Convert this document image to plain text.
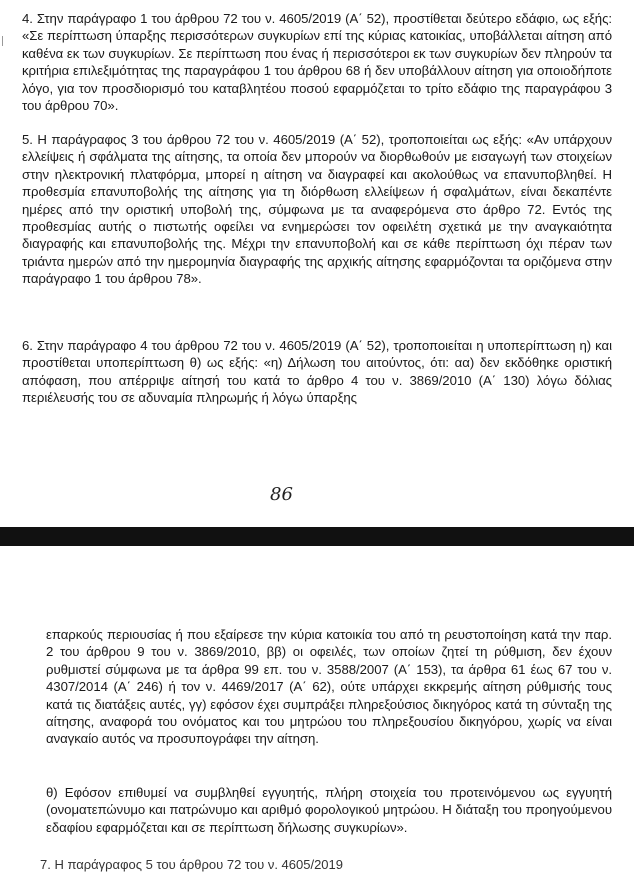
4. Στην παράγραφο 1 του άρθρου 72 του ν. 4605/2019 (Α΄ 52), προστίθεται δεύτερο εδάφιο, ως εξής: «Σε περίπτωση ύπαρξης περισσότερων συγκυρίων επί της κύριας κατοικίας, υποβάλλεται αίτηση από καθένα εκ των συγκυρίων. Σε περίπτωση που ένας ή περισσότεροι εκ των συγκυρίων δεν πληρούν τα κριτήρια επιλεξιμότητας της παραγράφου 1 του άρθρου 68 ή δεν υποβάλλουν αίτηση για οποιοδήποτε λόγο, για τον προσδιορισμό του καταβλητέου ποσού εφαρμόζεται το τρίτο εδάφιο της παραγράφου 3 του άρθρου 70».

5. Η παράγραφος 3 του άρθρου 72 του ν. 4605/2019 (Α΄ 52), τροποποιείται ως εξής: «Αν υπάρχουν ελλείψεις ή σφάλματα της αίτησης, τα οποία δεν μπορούν να διορθωθούν με εισαγωγή των στοιχείων στην ηλεκτρονική πλατφόρμα, μπορεί η αίτηση να διαγραφεί και ακολούθως να επανυποβληθεί. Η προθεσμία επανυποβολής της αίτησης για τη διόρθωση ελλείψεων ή σφαλμάτων, είναι δεκαπέντε ημέρες από την οριστική υποβολή της, σύμφωνα με τα αναφερόμενα στο άρθρο 72. Εντός της προθεσμίας αυτής ο πιστωτής οφείλει να ενημερώσει τον οφειλέτη σχετικά με την αναγκαιότητα διαγραφής και επανυποβολής της. Μέχρι την επανυποβολή και σε κάθε περίπτωση όχι πέραν των τριάντα ημερών από την ημερομηνία διαγραφής της αρχικής αίτησης εφαρμόζονται τα οριζόμενα στην παράγραφο 1 του άρθρου 78».

6. Στην παράγραφο 4 του άρθρου 72 του ν. 4605/2019 (Α΄ 52), τροποποιείται η υποπερίπτωση η) και προστίθεται υποπερίπτωση θ) ως εξής: «η) Δήλωση του αιτούντος, ότι: αα) δεν εκδόθηκε οριστική απόφαση, που απέρριψε αίτησή του κατά το άρθρο 4 του ν. 3869/2010 (Α΄ 130) λόγω δόλιας περιέλευσής του σε αδυναμία πληρωμής ή λόγω ύπαρξης

86

επαρκούς περιουσίας ή που εξαίρεσε την κύρια κατοικία του από τη ρευστοποίηση κατά την παρ. 2 του άρθρου 9 του ν. 3869/2010, ββ) οι οφειλές, των οποίων ζητεί τη ρύθμιση, δεν έχουν ρυθμιστεί σύμφωνα με τα άρθρα 99 επ. του ν. 3588/2007 (Α΄ 153), τα άρθρα 61 έως 67 του ν. 4307/2014 (Α΄ 246) ή τον ν. 4469/2017 (Α΄ 62), ούτε υπάρχει εκκρεμής αίτηση ρύθμισής τους κατά τις διατάξεις αυτές, γγ) εφόσον έχει συμπράξει πληρεξούσιος δικηγόρος κατά τη σύνταξη της αίτησης, αναφορά του ονόματος και του μητρώου του πληρεξουσίου δικηγόρου, χωρίς να είναι αναγκαίο αυτός να προσυπογράφει την αίτηση.

θ) Εφόσον επιθυμεί να συμβληθεί εγγυητής, πλήρη στοιχεία του προτεινόμενου ως εγγυητή (ονοματεπώνυμο και πατρώνυμο και αριθμό φορολογικού μητρώου. Η διάταξη του προηγούμενου εδαφίου εφαρμόζεται και σε περίπτωση δήλωσης συγκυρίων».

7. Η παράγραφος 5 του άρθρου 72 του ν. 4605/2019
